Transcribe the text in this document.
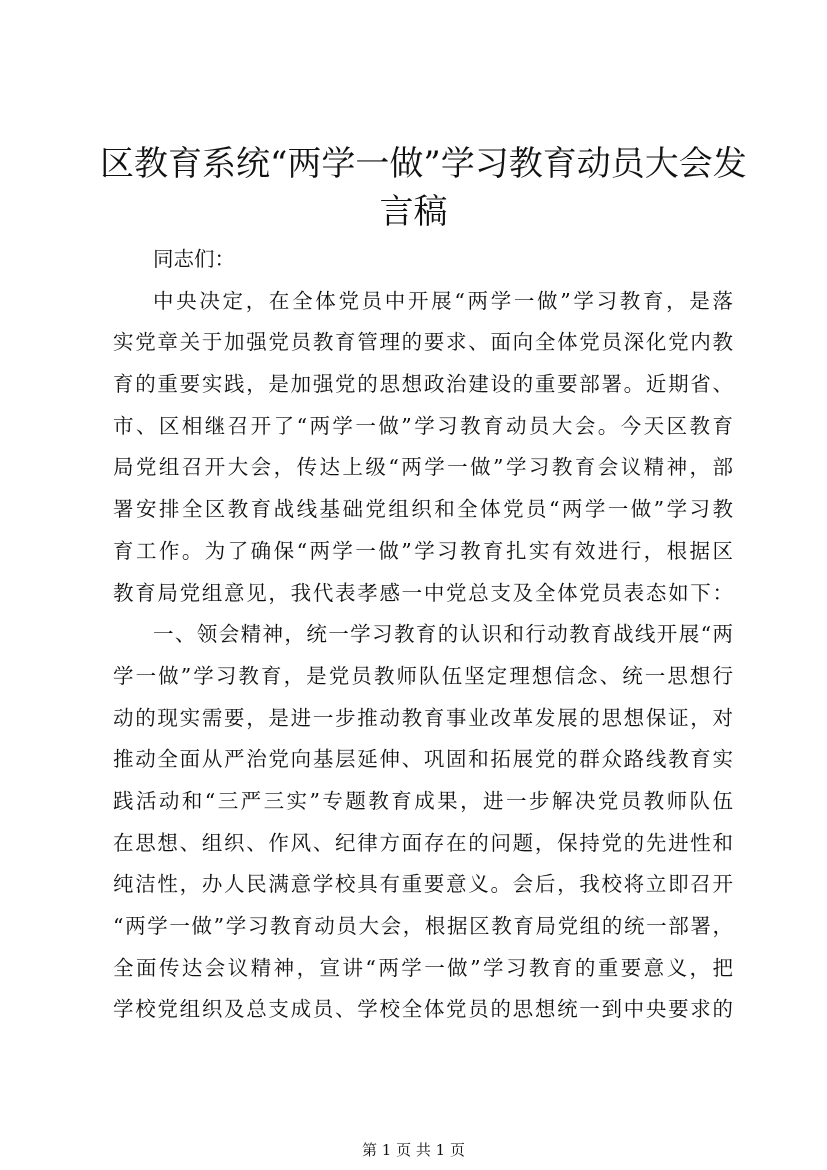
区教育系统“两学一做”学习教育动员大会发
言稿
同志们：
中央决定，在全体党员中开展“两学一做”学习教育，是落
实党章关于加强党员教育管理的要求、面向全体党员深化党内教
育的重要实践，是加强党的思想政治建设的重要部署。近期省、
市、区相继召开了“两学一做”学习教育动员大会。今天区教育
局党组召开大会，传达上级“两学一做”学习教育会议精神，部
署安排全区教育战线基础党组织和全体党员“两学一做”学习教
育工作。为了确保“两学一做”学习教育扎实有效进行，根据区
教育局党组意见，我代表孝感一中党总支及全体党员表态如下：
一、领会精神，统一学习教育的认识和行动教育战线开展“两
学一做”学习教育，是党员教师队伍坚定理想信念、统一思想行
动的现实需要，是进一步推动教育事业改革发展的思想保证，对
推动全面从严治党向基层延伸、巩固和拓展党的群众路线教育实
践活动和“三严三实”专题教育成果，进一步解决党员教师队伍
在思想、组织、作风、纪律方面存在的问题，保持党的先进性和
纯洁性，办人民满意学校具有重要意义。会后，我校将立即召开
“两学一做”学习教育动员大会，根据区教育局党组的统一部署，
全面传达会议精神，宣讲“两学一做”学习教育的重要意义，把
学校党组织及总支成员、学校全体党员的思想统一到中央要求的
第 1 页 共 1 页
